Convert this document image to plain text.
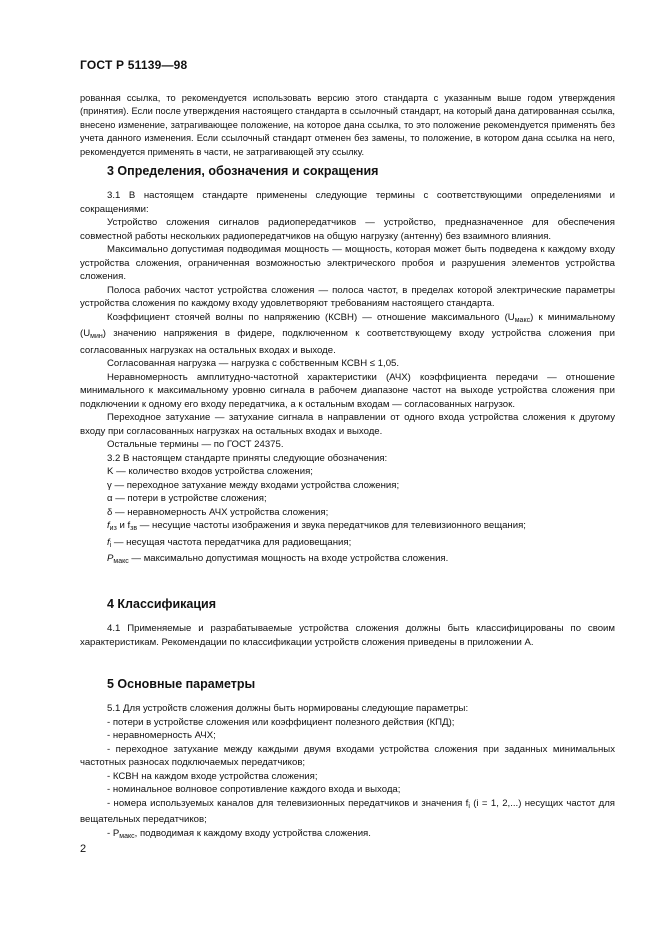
ГОСТ Р 51139—98

рованная ссылка, то рекомендуется использовать версию этого стандарта с указанным выше годом утверждения (принятия). Если после утверждения настоящего стандарта в ссылочный стандарт, на который дана датированная ссылка, внесено изменение, затрагивающее положение, на которое дана ссылка, то это положение рекомендуется применять без учета данного изменения. Если ссылочный стандарт отменен без замены, то положение, в котором дана ссылка на него, рекомендуется применять в части, не затрагивающей эту ссылку.

3 Определения, обозначения и сокращения

3.1 В настоящем стандарте применены следующие термины с соответствующими определениями и сокращениями:

Устройство сложения сигналов радиопередатчиков — устройство, предназначенное для обеспечения совместной работы нескольких радиопередатчиков на общую нагрузку (антенну) без взаимного влияния.

Максимально допустимая подводимая мощность — мощность, которая может быть подведена к каждому входу устройства сложения, ограниченная возможностью электрического пробоя и разрушения элементов устройства сложения.

Полоса рабочих частот устройства сложения — полоса частот, в пределах которой электрические параметры устройства сложения по каждому входу удовлетворяют требованиям настоящего стандарта.

Коэффициент стоячей волны по напряжению (КСВН) — отношение максимального $(U_{макс})$ к минимальному $(U_{мин})$ значению напряжения в фидере, подключенном к соответствующему входу устройства сложения при согласованных нагрузках на остальных входах и выходе.

Согласованная нагрузка — нагрузка с собственным КСВН ≤ 1,05.

Неравномерность амплитудно-частотной характеристики (АЧХ) коэффициента передачи — отношение минимального к максимальному уровню сигнала в рабочем диапазоне частот на выходе устройства сложения при подключении к одному его входу передатчика, а к остальным входам — согласованных нагрузок.

Переходное затухание — затухание сигнала в направлении от одного входа устройства сложения к другому входу при согласованных нагрузках на остальных входах и выходе.

Остальные термины — по ГОСТ 24375.

3.2 В настоящем стандарте приняты следующие обозначения:

K — количество входов устройства сложения;

γ — переходное затухание между входами устройства сложения;

α — потери в устройстве сложения;

δ — неравномерность АЧХ устройства сложения;

$f_{из}$ и $f_{зв}$ — несущие частоты изображения и звука передатчиков для телевизионного вещания;

$f_i$ — несущая частота передатчика для радиовещания;

$P_{макс}$ — максимально допустимая мощность на входе устройства сложения.

4 Классификация

4.1 Применяемые и разрабатываемые устройства сложения должны быть классифицированы по своим характеристикам. Рекомендации по классификации устройств сложения приведены в приложении А.

5 Основные параметры

5.1 Для устройств сложения должны быть нормированы следующие параметры:

- потери в устройстве сложения или коэффициент полезного действия (КПД);

- неравномерность АЧХ;

- переходное затухание между каждыми двумя входами устройства сложения при заданных минимальных частотных разносах подключаемых передатчиков;

- КСВН на каждом входе устройства сложения;

- номинальное волновое сопротивление каждого входа и выхода;

- номера используемых каналов для телевизионных передатчиков и значения $f_i$ (i = 1, 2,...) несущих частот для вещательных передатчиков;

- $P_{макс}$, подводимая к каждому входу устройства сложения.

2
